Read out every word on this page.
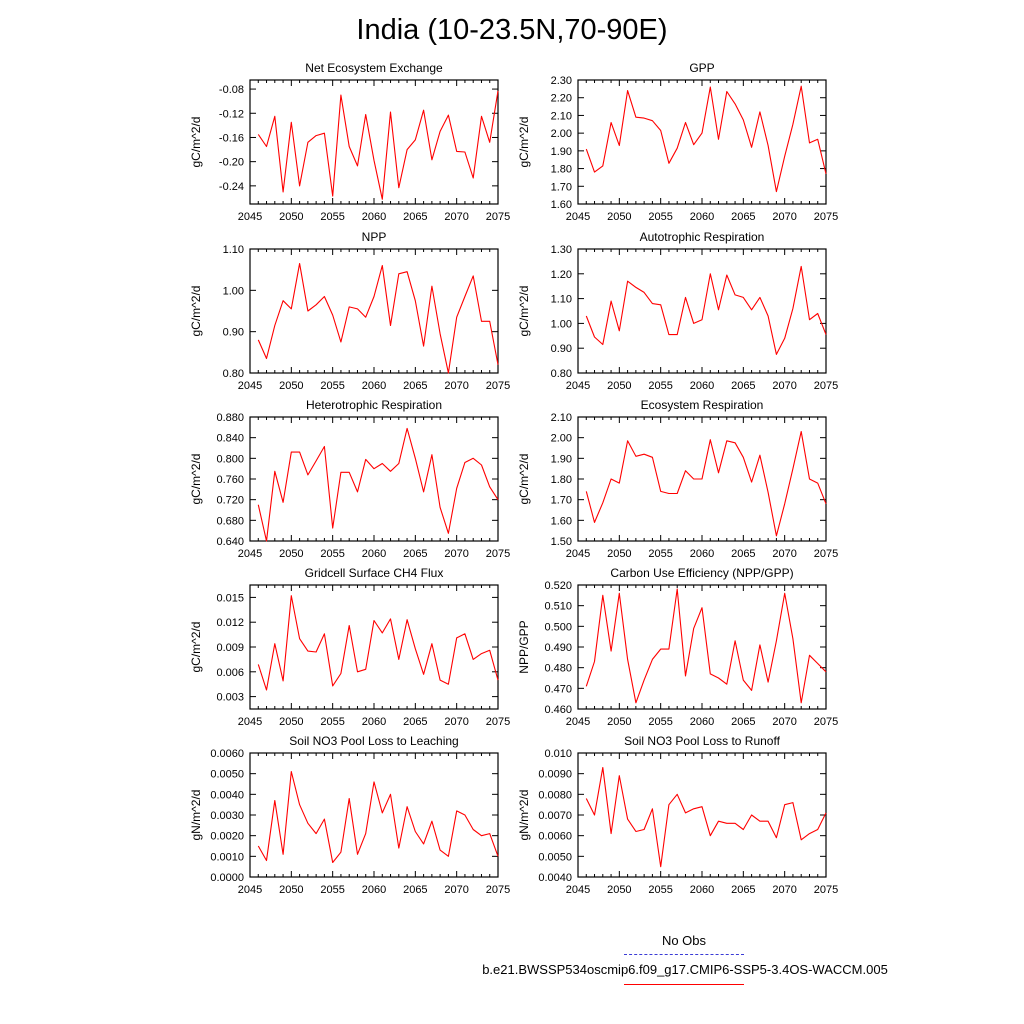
India (10-23.5N,70-90E)
Net Ecosystem Exchange
gC/m^2/d
2045 2050 2055 2060 2065 2070 2075
-0.24
-0.20
-0.16
-0.12
-0.08
GPP
gC/m^2/d
2045 2050 2055 2060 2065 2070 2075
1.60
1.70
1.80
1.90
2.00
2.10
2.20
2.30
NPP
gC/m^2/d
2045 2050 2055 2060 2065 2070 2075
0.80
0.90
1.00
1.10
Autotrophic Respiration
gC/m^2/d
2045 2050 2055 2060 2065 2070 2075
0.80
0.90
1.00
1.10
1.20
1.30
Heterotrophic Respiration
gC/m^2/d
2045 2050 2055 2060 2065 2070 2075
0.640
0.680
0.720
0.760
0.800
0.840
0.880
Ecosystem Respiration
gC/m^2/d
2045 2050 2055 2060 2065 2070 2075
1.50
1.60
1.70
1.80
1.90
2.00
2.10
Gridcell Surface CH4 Flux
gC/m^2/d
2045 2050 2055 2060 2065 2070 2075
0.003
0.006
0.009
0.012
0.015
Carbon Use Efficiency (NPP/GPP)
NPP/GPP
2045 2050 2055 2060 2065 2070 2075
0.460
0.470
0.480
0.490
0.500
0.510
0.520
Soil NO3 Pool Loss to Leaching
gN/m^2/d
2045 2050 2055 2060 2065 2070 2075
0.0000
0.0010
0.0020
0.0030
0.0040
0.0050
0.0060
Soil NO3 Pool Loss to Runoff
gN/m^2/d
2045 2050 2055 2060 2065 2070 2075
0.0040
0.0050
0.0060
0.0070
0.0080
0.0090
0.010
No Obs
b.e21.BWSSP534oscmip6.f09_g17.CMIP6-SSP5-3.4OS-WACCM.005
